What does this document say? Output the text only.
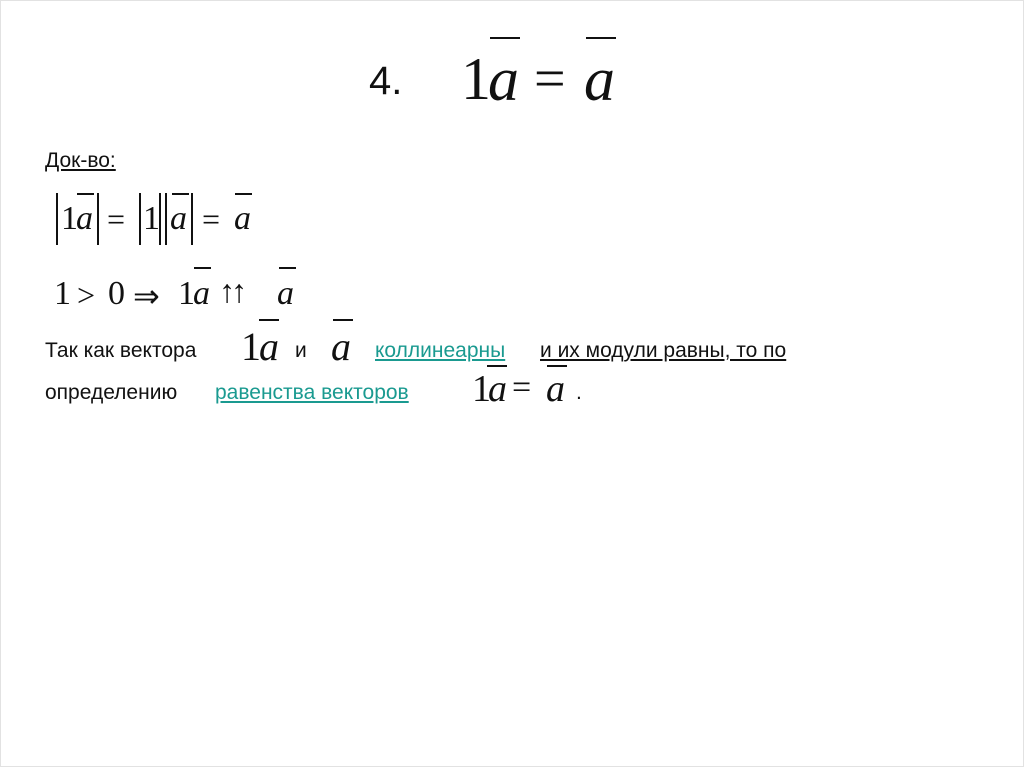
4. 1
a = a
Док-во:
1
a = 1 a = a
1 > 0 ⇒ 1
a ↑↑ a
Так как вектора 1
a и a коллинеарны и их модули равны, то по
определению равенства векторов 1
a = a .
